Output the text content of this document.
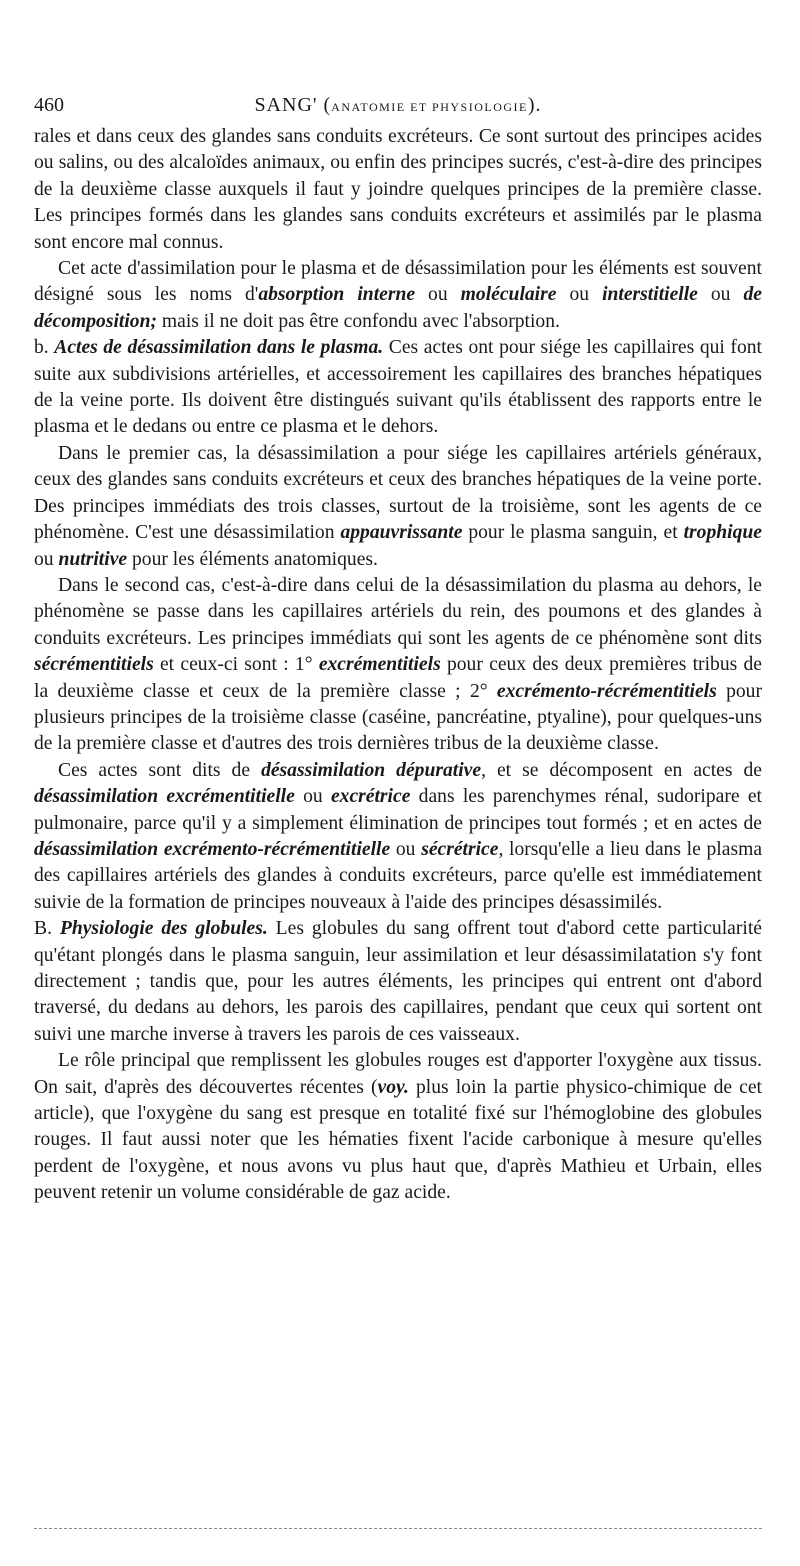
460	SANG' (ANATOMIE ET PHYSIOLOGIE).

rales et dans ceux des glandes sans conduits excréteurs. Ce sont surtout des principes acides ou salins, ou des alcaloïdes animaux, ou enfin des principes sucrés, c'est-à-dire des principes de la deuxième classe auxquels il faut y joindre quelques principes de la première classe. Les principes formés dans les glandes sans conduits excréteurs et assimilés par le plasma sont encore mal connus.

Cet acte d'assimilation pour le plasma et de désassimilation pour les éléments est souvent désigné sous les noms d'absorption interne ou moléculaire ou interstitielle ou de décomposition; mais il ne doit pas être confondu avec l'absorption.

b. Actes de désassimilation dans le plasma. Ces actes ont pour siége les capillaires qui font suite aux subdivisions artérielles, et accessoirement les capillaires des branches hépatiques de la veine porte. Ils doivent être distingués suivant qu'ils établissent des rapports entre le plasma et le dedans ou entre ce plasma et le dehors.

Dans le premier cas, la désassimilation a pour siége les capillaires artériels généraux, ceux des glandes sans conduits excréteurs et ceux des branches hépatiques de la veine porte. Des principes immédiats des trois classes, surtout de la troisième, sont les agents de ce phénomène. C'est une désassimilation appauvrissante pour le plasma sanguin, et trophique ou nutritive pour les éléments anatomiques.

Dans le second cas, c'est-à-dire dans celui de la désassimilation du plasma au dehors, le phénomène se passe dans les capillaires artériels du rein, des poumons et des glandes à conduits excréteurs. Les principes immédiats qui sont les agents de ce phénomène sont dits sécrémentitiels et ceux-ci sont : 1° excrémentitiels pour ceux des deux premières tribus de la deuxième classe et ceux de la première classe ; 2° excrémento-récrémentitiels pour plusieurs principes de la troisième classe (caséine, pancréatine, ptyaline), pour quelques-uns de la première classe et d'autres des trois dernières tribus de la deuxième classe.

Ces actes sont dits de désassimilation dépurative, et se décomposent en actes de désassimilation excrémentitielle ou excrétrice dans les parenchymes rénal, sudoripare et pulmonaire, parce qu'il y a simplement élimination de principes tout formés ; et en actes de désassimilation excrémento-récrémentitielle ou sécrétrice, lorsqu'elle a lieu dans le plasma des capillaires artériels des glandes à conduits excréteurs, parce qu'elle est immédiatement suivie de la formation de principes nouveaux à l'aide des principes désassimilés.

B. Physiologie des globules. Les globules du sang offrent tout d'abord cette particularité qu'étant plongés dans le plasma sanguin, leur assimilation et leur désassimilatation s'y font directement ; tandis que, pour les autres éléments, les principes qui entrent ont d'abord traversé, du dedans au dehors, les parois des capillaires, pendant que ceux qui sortent ont suivi une marche inverse à travers les parois de ces vaisseaux.

Le rôle principal que remplissent les globules rouges est d'apporter l'oxygène aux tissus. On sait, d'après des découvertes récentes (voy. plus loin la partie physico-chimique de cet article), que l'oxygène du sang est presque en totalité fixé sur l'hémoglobine des globules rouges. Il faut aussi noter que les hématies fixent l'acide carbonique à mesure qu'elles perdent de l'oxygène, et nous avons vu plus haut que, d'après Mathieu et Urbain, elles peuvent retenir un volume considérable de gaz acide.
